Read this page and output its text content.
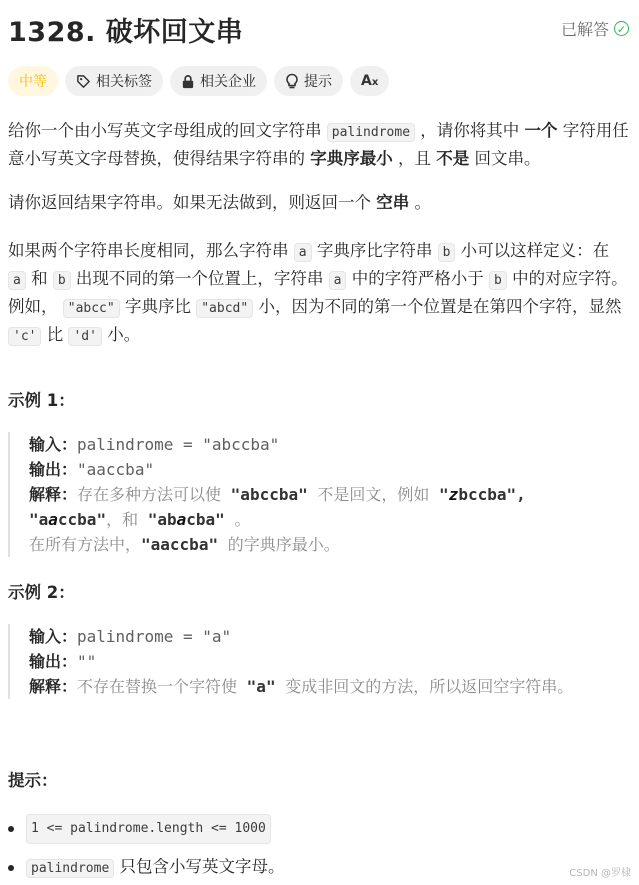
1328. 破坏回文串	已解答 ✓
中等	相关标签	相关企业	提示 Ax

给你一个由小写英文字母组成的回文字符串 palindrome ，请你将其中 一个 字符用任意小写英文字母替换，使得结果字符串的 字典序最小 ，且 不是 回文串。

请你返回结果字符串。如果无法做到，则返回一个 空串 。

如果两个字符串长度相同，那么字符串 a 字典序比字符串 b 小可以这样定义：在 a 和 b 出现不同的第一个位置上，字符串 a 中的字符严格小于 b 中的对应字符。例如， "abcc" 字典序比 "abcd" 小，因为不同的第一个位置是在第四个字符，显然 'c' 比 'd' 小。

示例 1：
输入：palindrome = "abccba"
输出："aaccba"
解释：存在多种方法可以使 "abccba" 不是回文，例如 "zbccba",
"aaccba"，和 "abacba" 。
在所有方法中，"aaccba" 的字典序最小。
示例 2：
输入：palindrome = "a"
输出：""
解释：不存在替换一个字符使 "a" 变成非回文的方法，所以返回空字符串。
提示：
1 <= palindrome.length <= 1000
palindrome 只包含小写英文字母。	CSDN @罗棣
